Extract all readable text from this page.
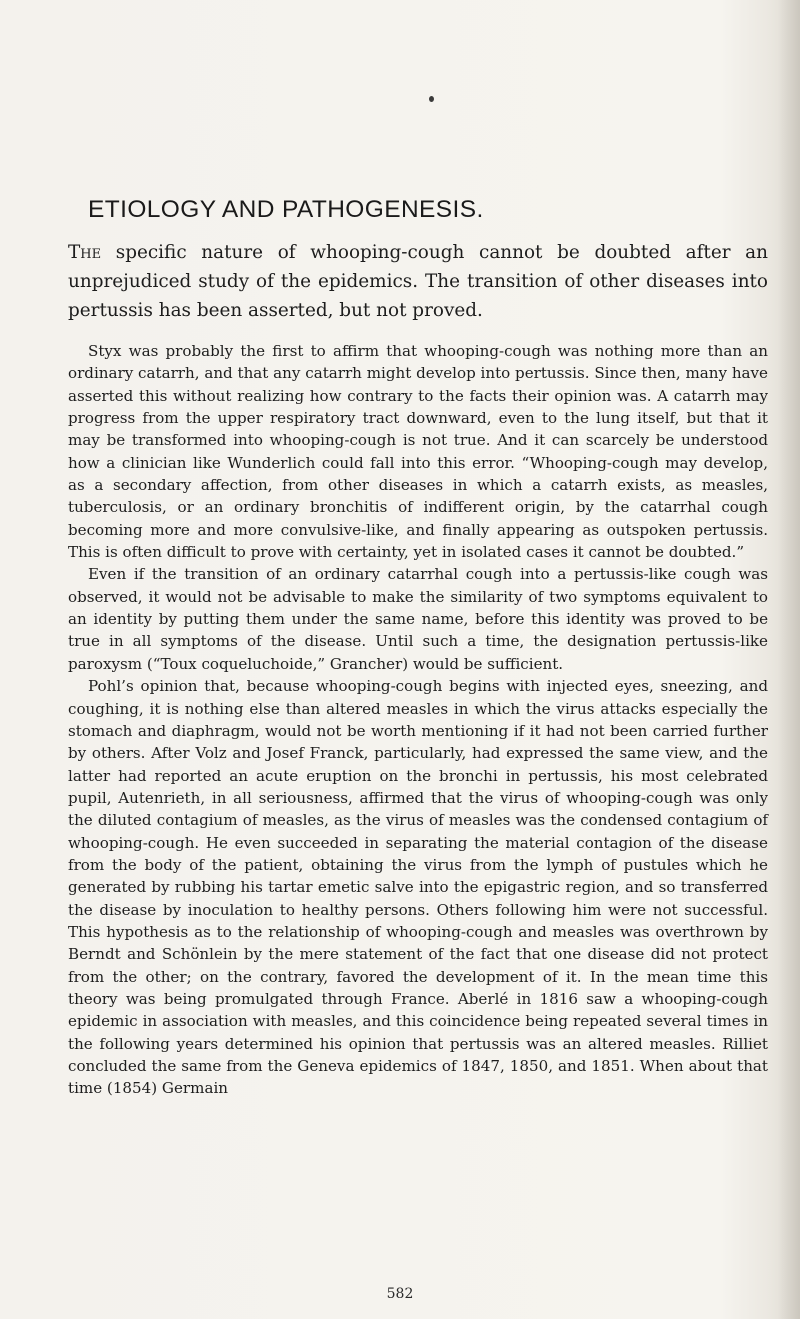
ETIOLOGY AND PATHOGENESIS.

The specific nature of whooping-cough cannot be doubted after an unprejudiced study of the epidemics. The transition of other diseases into pertussis has been asserted, but not proved.

Styx was probably the first to affirm that whooping-cough was nothing more than an ordinary catarrh, and that any catarrh might develop into pertussis. Since then, many have asserted this without realizing how contrary to the facts their opinion was. A catarrh may progress from the upper respiratory tract downward, even to the lung itself, but that it may be transformed into whooping-cough is not true. And it can scarcely be understood how a clinician like Wunderlich could fall into this error. “Whooping-cough may develop, as a secondary affection, from other diseases in which a catarrh exists, as measles, tuberculosis, or an ordinary bronchitis of indifferent origin, by the catarrhal cough becoming more and more convulsive-like, and finally appearing as outspoken pertussis. This is often difficult to prove with certainty, yet in isolated cases it cannot be doubted.”

Even if the transition of an ordinary catarrhal cough into a pertussis-like cough was observed, it would not be advisable to make the similarity of two symptoms equivalent to an identity by putting them under the same name, before this identity was proved to be true in all symptoms of the disease. Until such a time, the designation pertussis-like paroxysm (“Toux coqueluchoide,” Grancher) would be sufficient.

Pohl’s opinion that, because whooping-cough begins with injected eyes, sneezing, and coughing, it is nothing else than altered measles in which the virus attacks especially the stomach and diaphragm, would not be worth mentioning if it had not been carried further by others. After Volz and Josef Franck, particularly, had expressed the same view, and the latter had reported an acute eruption on the bronchi in pertussis, his most celebrated pupil, Autenrieth, in all seriousness, affirmed that the virus of whooping-cough was only the diluted contagium of measles, as the virus of measles was the condensed contagium of whooping-cough. He even succeeded in separating the material contagion of the disease from the body of the patient, obtaining the virus from the lymph of pustules which he generated by rubbing his tartar emetic salve into the epigastric region, and so transferred the disease by inoculation to healthy persons. Others following him were not successful. This hypothesis as to the relationship of whooping-cough and measles was overthrown by Berndt and Schönlein by the mere statement of the fact that one disease did not protect from the other; on the contrary, favored the development of it. In the mean time this theory was being promulgated through France. Aberlé in 1816 saw a whooping-cough epidemic in association with measles, and this coincidence being repeated several times in the following years determined his opinion that pertussis was an altered measles. Rilliet concluded the same from the Geneva epidemics of 1847, 1850, and 1851. When about that time (1854) Germain

582
